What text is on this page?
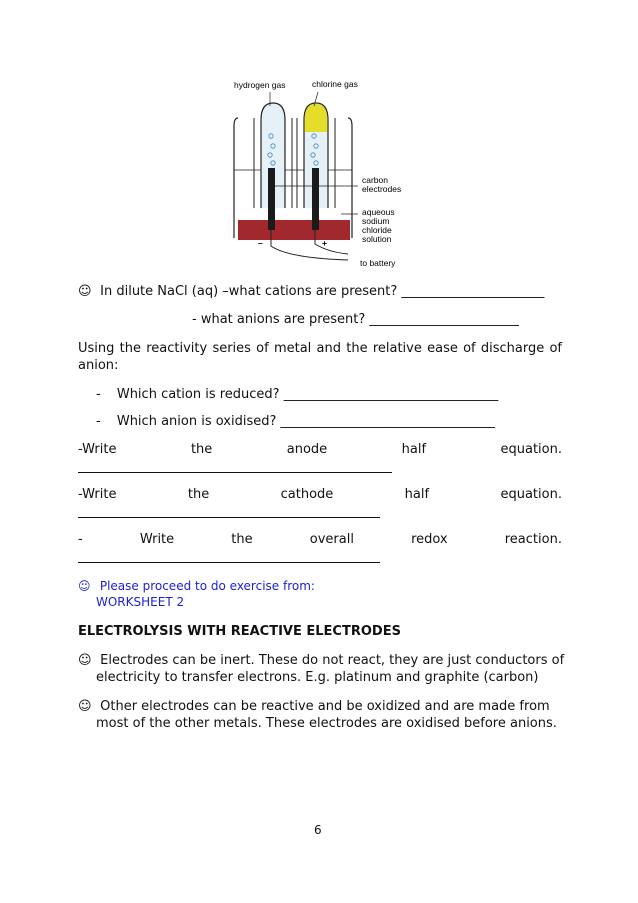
hydrogen gas	chlorine gas
carbon
electrodes
aqueous
sodium
chloride
solution
to battery
–	+
☺ In dilute NaCl (aq) –what cations are present? ______________________
- what anions are present? _______________________
Using the reactivity series of metal and the relative ease of discharge of
anion:
- Which cation is reduced? _________________________________
- Which anion is oxidised? _________________________________
-Write	the	anode	half	equation.
-Write	the	cathode	half	equation.
-	Write	the	overall	redox	reaction.
☺ Please proceed to do exercise from:
WORKSHEET 2
ELECTROLYSIS WITH REACTIVE ELECTRODES
☺ Electrodes can be inert. These do not react, they are just conductors of
electricity to transfer electrons. E.g. platinum and graphite (carbon)
☺ Other electrodes can be reactive and be oxidized and are made from
most of the other metals. These electrodes are oxidised before anions.
6
